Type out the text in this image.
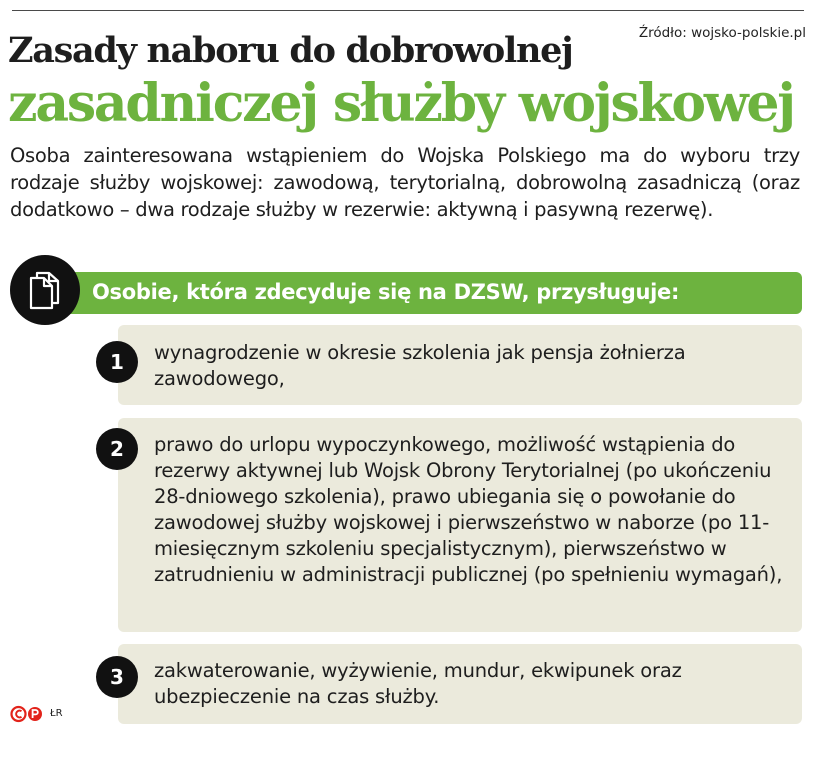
Źródło: wojsko-polskie.pl
Zasady naboru do dobrowolnej
zasadniczej służby wojskowej

Osoba zainteresowana wstąpieniem do Wojska Polskiego ma do wyboru trzy rodzaje służby wojskowej: zawodową, terytorialną, dobrowolną zasadniczą (oraz dodatkowo – dwa rodzaje służby w rezerwie: aktywną i pasywną rezerwę).

Osobie, która zdecyduje się na DZSW, przysługuje:
1	wynagrodzenie w okresie szkolenia jak pensja żołnierza zawodowego,

2	prawo do urlopu wypoczynkowego, możliwość wstąpienia do rezerwy aktywnej lub Wojsk Obrony Terytorialnej (po ukończeniu 28-dniowego szkolenia), prawo ubiegania się o powołanie do zawodowej służby wojskowej i pierwszeństwo w naborze (po 11-miesięcznym szkoleniu specjalistycznym), pierwszeństwo w zatrudnieniu w administracji publicznej (po spełnieniu wymagań),

3	zakwaterowanie, wyżywienie, mundur, ekwipunek oraz ubezpieczenie na czas służby.

ŁR
